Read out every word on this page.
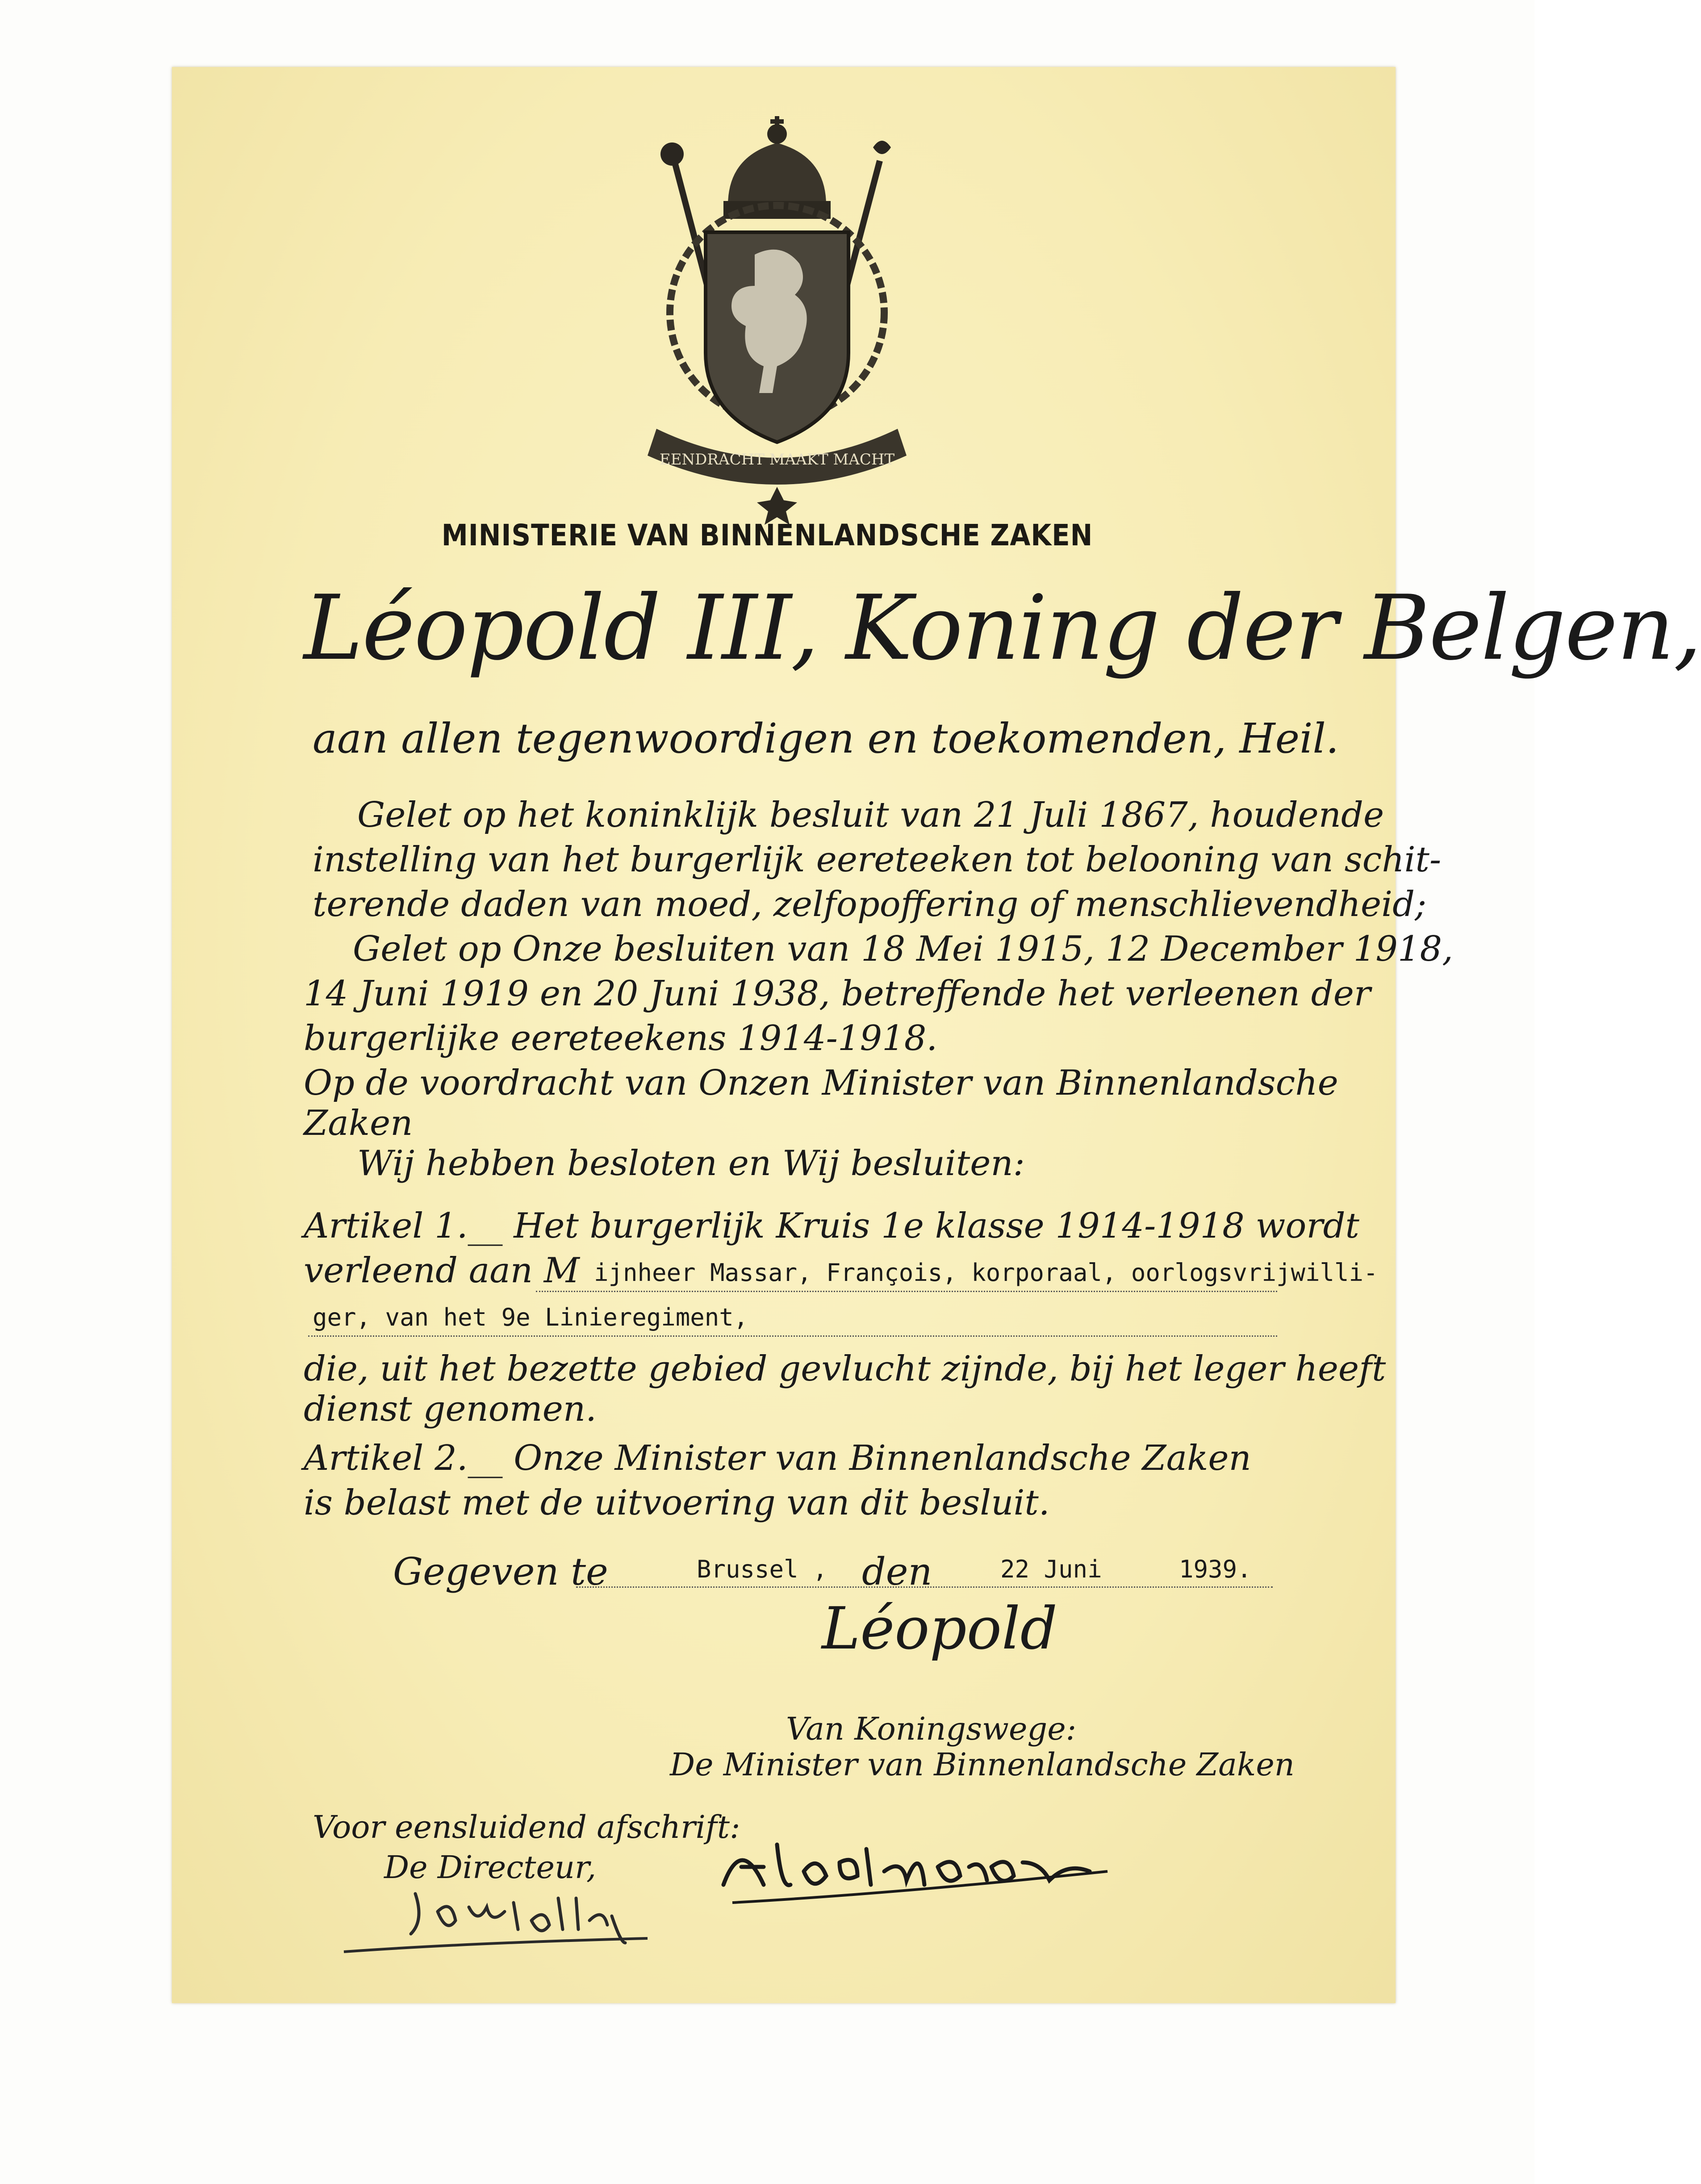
EENDRACHT MAAKT MACHT
MINISTERIE VAN BINNENLANDSCHE ZAKEN
Léopold III, Koning der Belgen,
aan allen tegenwoordigen en toekomenden, Heil.
Gelet op het koninklijk besluit van 21 Juli 1867, houdende
instelling van het burgerlijk eereteeken tot belooning van schit-
terende daden van moed, zelfopoffering of menschlievendheid;
Gelet op Onze besluiten van 18 Mei 1915, 12 December 1918,
14 Juni 1919 en 20 Juni 1938, betreffende het verleenen der
burgerlijke eereteekens 1914-1918.
Op de voordracht van Onzen Minister van Binnenlandsche
Zaken
Wij hebben besloten en Wij besluiten:
Artikel 1.__ Het burgerlijk Kruis 1e klasse 1914-1918 wordt
verleend aan M ijnheer Massar, François, korporaal, oorlogsvrijwilli-
ger, van het 9e Linieregiment,
die, uit het bezette gebied gevlucht zijnde, bij het leger heeft
dienst genomen.
Artikel 2.__ Onze Minister van Binnenlandsche Zaken
is belast met de uitvoering van dit besluit.
Gegeven te	Brussel , den	22 Juni	1939.
Léopold
Van Koningswege:
De Minister van Binnenlandsche Zaken
Voor eensluidend afschrift:
De Directeur,
